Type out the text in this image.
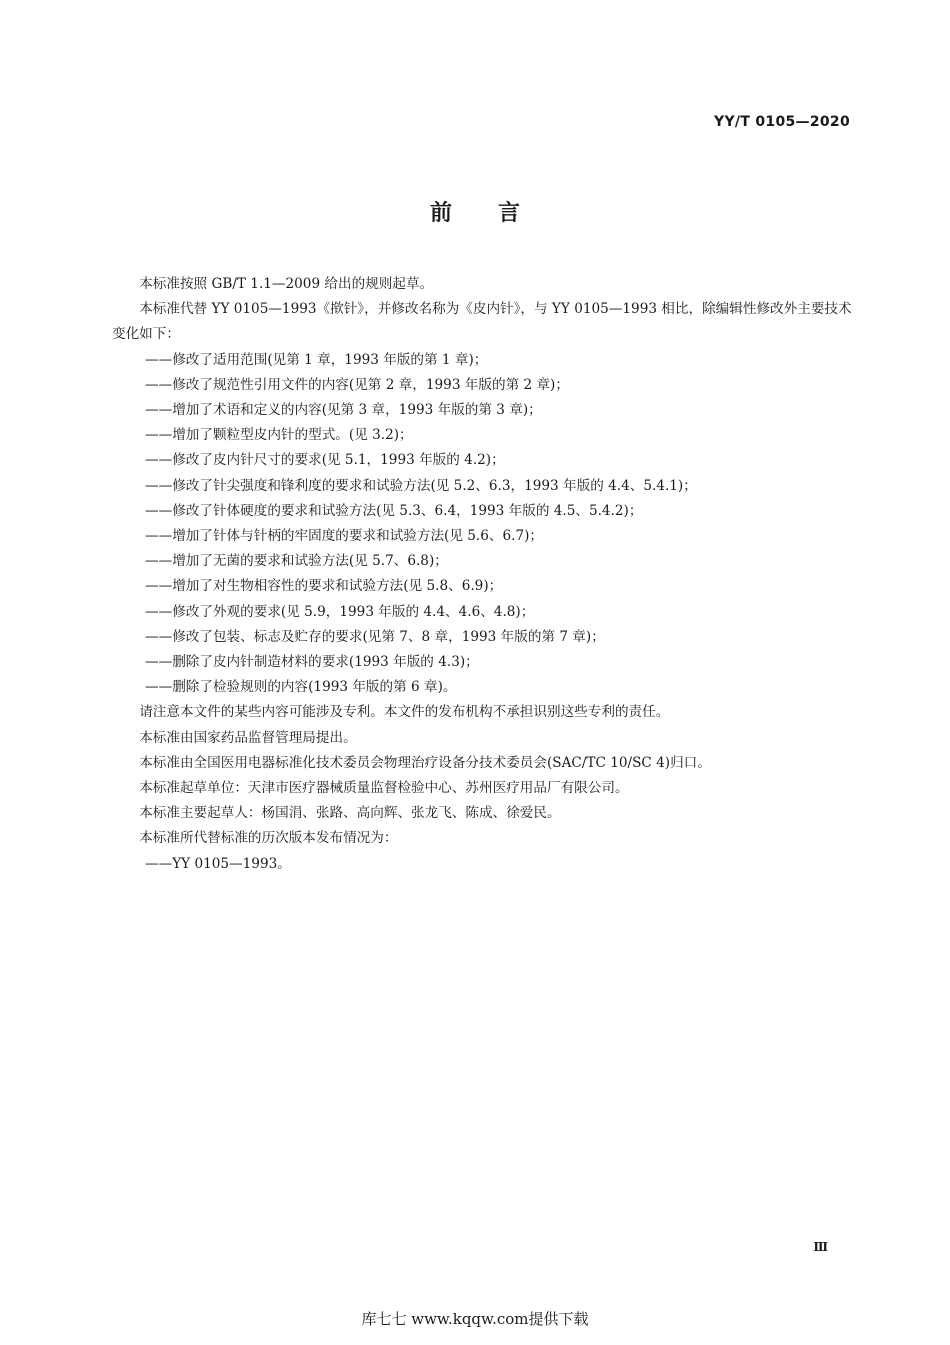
YY/T 0105—2020
前言

本标准按照 GB/T 1.1—2009 给出的规则起草。

本标准代替 YY 0105—1993《揿针》，并修改名称为《皮内针》，与 YY 0105—1993 相比，除编辑性修改外主要技术变化如下：

——修改了适用范围(见第 1 章，1993 年版的第 1 章)；

——修改了规范性引用文件的内容(见第 2 章，1993 年版的第 2 章)；

——增加了术语和定义的内容(见第 3 章，1993 年版的第 3 章)；

——增加了颗粒型皮内针的型式。(见 3.2)；

——修改了皮内针尺寸的要求(见 5.1，1993 年版的 4.2)；

——修改了针尖强度和锋利度的要求和试验方法(见 5.2、6.3，1993 年版的 4.4、5.4.1)；

——修改了针体硬度的要求和试验方法(见 5.3、6.4，1993 年版的 4.5、5.4.2)；

——增加了针体与针柄的牢固度的要求和试验方法(见 5.6、6.7)；

——增加了无菌的要求和试验方法(见 5.7、6.8)；

——增加了对生物相容性的要求和试验方法(见 5.8、6.9)；

——修改了外观的要求(见 5.9，1993 年版的 4.4、4.6、4.8)；

——修改了包装、标志及贮存的要求(见第 7、8 章，1993 年版的第 7 章)；

——删除了皮内针制造材料的要求(1993 年版的 4.3)；

——删除了检验规则的内容(1993 年版的第 6 章)。

请注意本文件的某些内容可能涉及专利。本文件的发布机构不承担识别这些专利的责任。

本标准由国家药品监督管理局提出。

本标准由全国医用电器标准化技术委员会物理治疗设备分技术委员会(SAC/TC 10/SC 4)归口。

本标准起草单位：天津市医疗器械质量监督检验中心、苏州医疗用品厂有限公司。

本标准主要起草人：杨国涓、张路、高向辉、张龙飞、陈成、徐爱民。

本标准所代替标准的历次版本发布情况为：

——YY 0105—1993。

Ⅲ
库七七 www.kqqw.com提供下载
